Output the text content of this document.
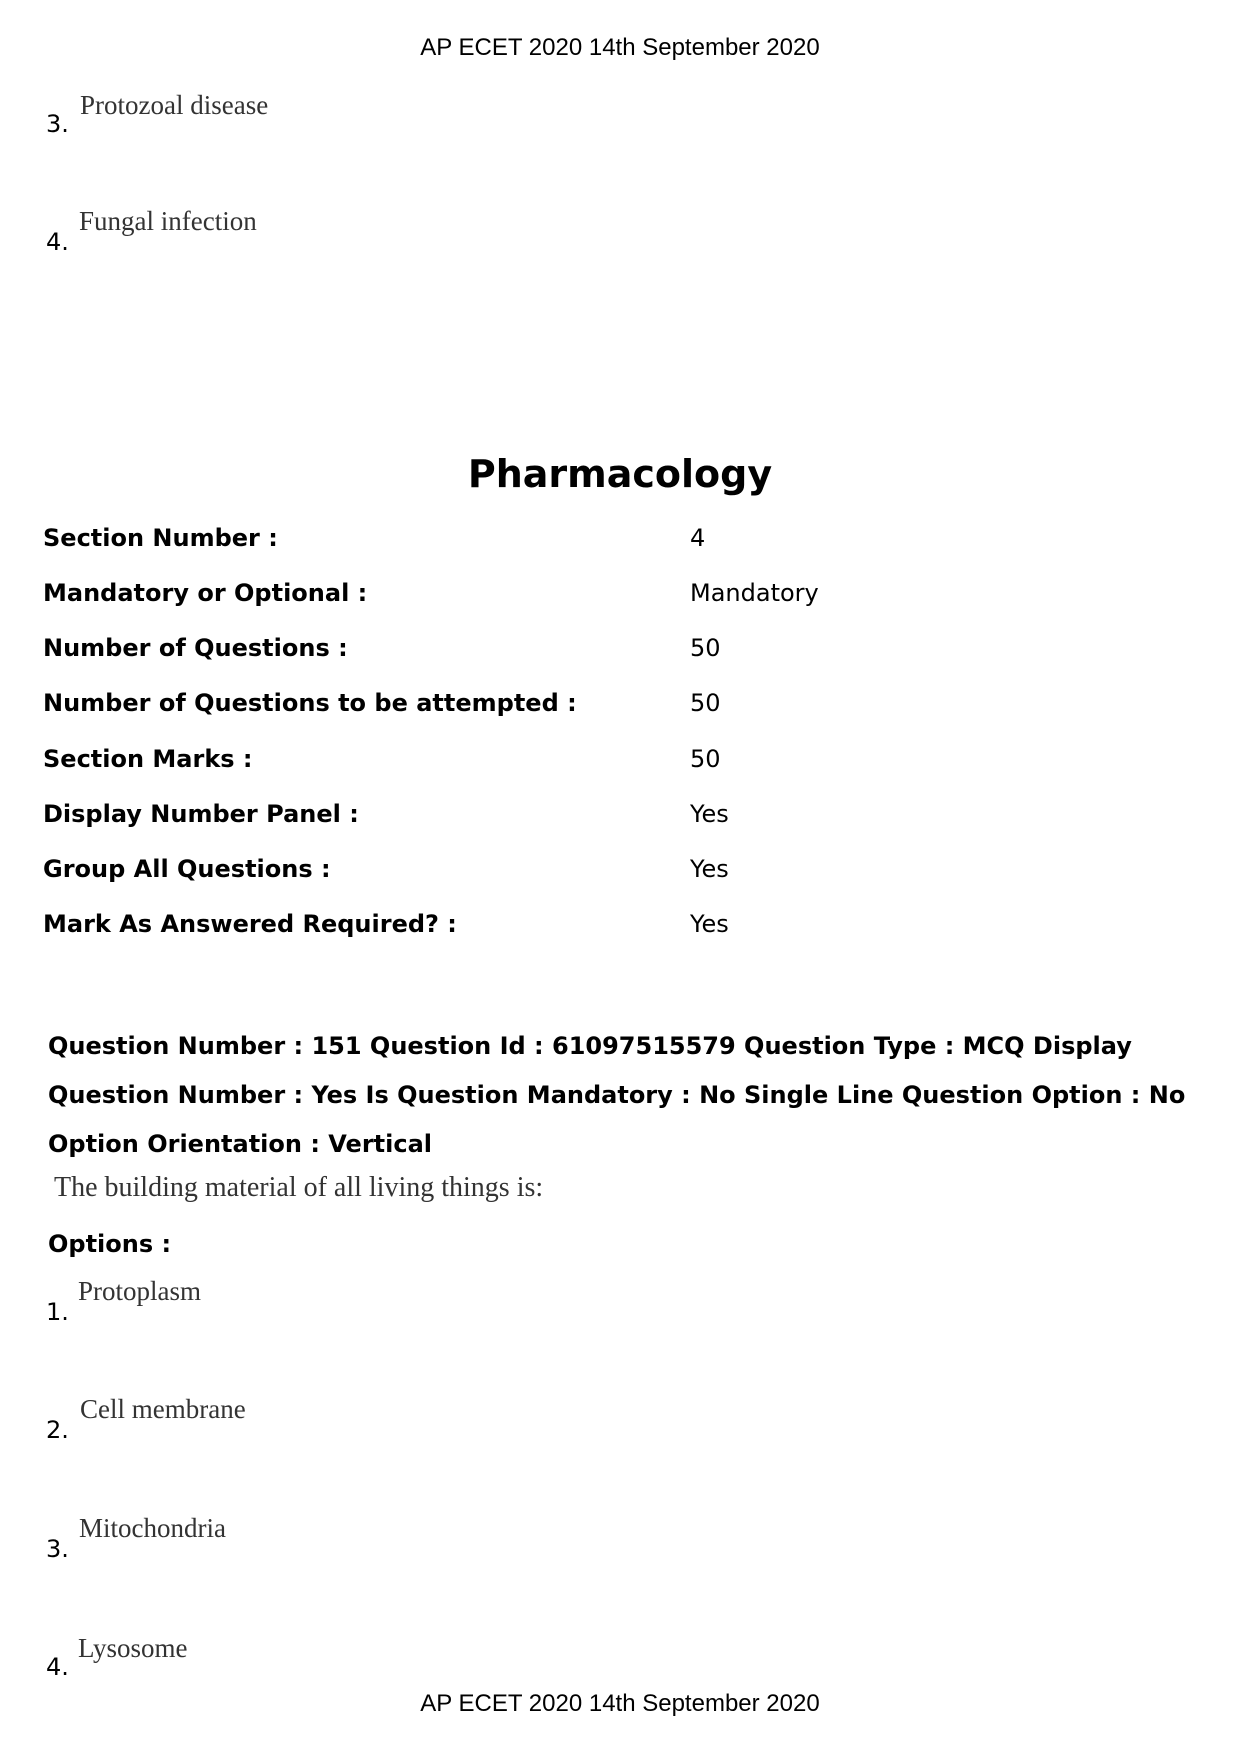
AP ECET 2020 14th September 2020
3.
Protozoal disease
4.
Fungal infection
Pharmacology
Section Number :	4
Mandatory or Optional :	Mandatory
Number of Questions :	50
Number of Questions to be attempted :	50
Section Marks :	50
Display Number Panel :	Yes
Group All Questions :	Yes
Mark As Answered Required? :	Yes
Question Number : 151 Question Id : 61097515579 Question Type : MCQ Display Question Number : Yes Is Question Mandatory : No Single Line Question Option : No Option Orientation : Vertical
The building material of all living things is:
Options :
1.
Protoplasm
2.
Cell membrane
3.
Mitochondria
4.
Lysosome
AP ECET 2020 14th September 2020
